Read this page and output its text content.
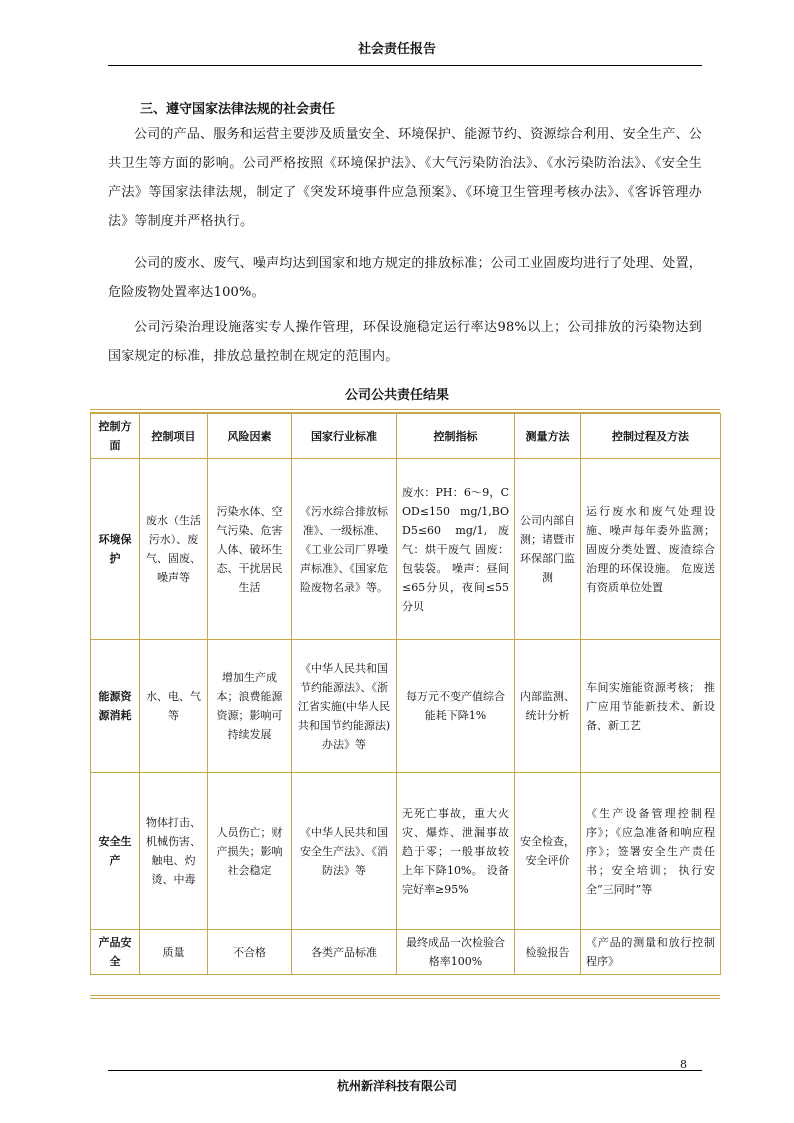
社会责任报告
三、遵守国家法律法规的社会责任
公司的产品、服务和运营主要涉及质量安全、环境保护、能源节约、资源综合利用、安全生产、公共卫生等方面的影响。公司严格按照《环境保护法》、《大气污染防治法》、《水污染防治法》、《安全生产法》等国家法律法规，制定了《突发环境事件应急预案》、《环境卫生管理考核办法》、《客诉管理办法》等制度并严格执行。
公司的废水、废气、噪声均达到国家和地方规定的排放标准；公司工业固废均进行了处理、处置，危险废物处置率达100%。
公司污染治理设施落实专人操作管理，环保设施稳定运行率达98%以上；公司排放的污染物达到国家规定的标准，排放总量控制在规定的范围内。
公司公共责任结果
控制方面	控制项目	风险因素	国家行业标准	控制指标	测量方法	控制过程及方法
环境保护	废水（生活污水）、废气、固废、噪声等	污染水体、空气污染、危害人体、破坏生态、干扰居民生活	《污水综合排放标准》、一级标准、《工业公司厂界噪声标准》、《国家危险废物名录》等。	废水：PH：6～9，COD≤150 mg/1,BOD5≤60 mg/1,废气：烘干废气 固废：包装袋。 噪声：昼间≤65分贝，夜间≤55分贝	公司内部自测；诸暨市环保部门监测	运行废水和废气处理设施、噪声每年委外监测； 固废分类处置、废渣综合治理的环保设施。 危废送有资质单位处置
能源资源消耗	水、电、气等	增加生产成本；浪费能源资源；影响可持续发展	《中华人民共和国节约能源法》、《浙江省实施(中华人民共和国节约能源法)办法》等	每万元不变产值综合能耗下降1%	内部监测、统计分析	车间实施能资源考核； 推广应用节能新技术、新设备、新工艺
安全生产	物体打击、机械伤害、触电、灼烫、中毒	人员伤亡；财产损失；影响社会稳定	《中华人民共和国安全生产法》、《消防法》等	无死亡事故，重大火灾、爆炸、泄漏事故趋于零；一般事故较上年下降10%。 设备完好率≥95%	安全检查，安全评价	《生产设备管理控制程序》；《应急准备和响应程序》；签署安全生产责任书；安全培训； 执行安全“三同时”等
产品安全	质量	不合格	各类产品标准	最终成品一次检验合格率100%	检验报告	《产品的测量和放行控制程序》
8
杭州新洋科技有限公司
